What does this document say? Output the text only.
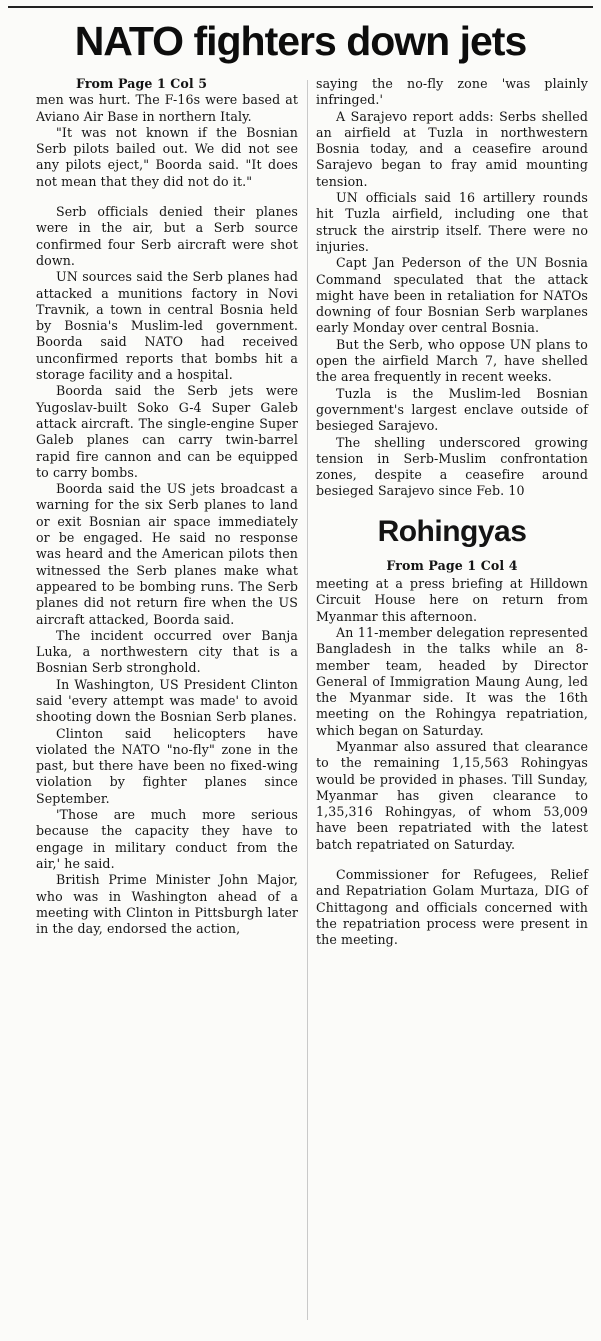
NATO fighters down jets
From Page 1 Col 5

men was hurt. The F-16s were based at Aviano Air Base in northern Italy.

"It was not known if the Bosnian Serb pilots bailed out. We did not see any pilots eject," Boorda said. "It does not mean that they did not do it."

Serb officials denied their planes were in the air, but a Serb source confirmed four Serb aircraft were shot down.

UN sources said the Serb planes had attacked a munitions factory in Novi Travnik, a town in central Bosnia held by Bosnia's Muslim-led government. Boorda said NATO had received unconfirmed reports that bombs hit a storage facility and a hospital.

Boorda said the Serb jets were Yugoslav-built Soko G-4 Super Galeb attack aircraft. The single-engine Super Galeb planes can carry twin-barrel rapid fire cannon and can be equipped to carry bombs.

Boorda said the US jets broadcast a warning for the six Serb planes to land or exit Bosnian air space immediately or be engaged. He said no response was heard and the American pilots then witnessed the Serb planes make what appeared to be bombing runs. The Serb planes did not return fire when the US aircraft attacked, Boorda said.

The incident occurred over Banja Luka, a northwestern city that is a Bosnian Serb stronghold.

In Washington, US President Clinton said 'every attempt was made' to avoid shooting down the Bosnian Serb planes.

Clinton said helicopters have violated the NATO "no-fly" zone in the past, but there have been no fixed-wing violation by fighter planes since September.

'Those are much more serious because the capacity they have to engage in military conduct from the air,' he said.

British Prime Minister John Major, who was in Washington ahead of a meeting with Clinton in Pittsburgh later in the day, endorsed the action,

saying the no-fly zone 'was plainly infringed.'

A Sarajevo report adds: Serbs shelled an airfield at Tuzla in northwestern Bosnia today, and a ceasefire around Sarajevo began to fray amid mounting tension.

UN officials said 16 artillery rounds hit Tuzla airfield, including one that struck the airstrip itself. There were no injuries.

Capt Jan Pederson of the UN Bosnia Command speculated that the attack might have been in retaliation for NATOs downing of four Bosnian Serb warplanes early Monday over central Bosnia.

But the Serb, who oppose UN plans to open the airfield March 7, have shelled the area frequently in recent weeks.

Tuzla is the Muslim-led Bosnian government's largest enclave outside of besieged Sarajevo.

The shelling underscored growing tension in Serb-Muslim confrontation zones, despite a ceasefire around besieged Sarajevo since Feb. 10

Rohingyas
From Page 1 Col 4

meeting at a press briefing at Hilldown Circuit House here on return from Myanmar this afternoon.

An 11-member delegation represented Bangladesh in the talks while an 8-member team, headed by Director General of Immigration Maung Aung, led the Myanmar side. It was the 16th meeting on the Rohingya repatriation, which began on Saturday.

Myanmar also assured that clearance to the remaining 1,15,563 Rohingyas would be provided in phases. Till Sunday, Myanmar has given clearance to 1,35,316 Rohingyas, of whom 53,009 have been repatriated with the latest batch repatriated on Saturday.

Commissioner for Refugees, Relief and Repatriation Golam Murtaza, DIG of Chittagong and officials concerned with the repatriation process were present in the meeting.
